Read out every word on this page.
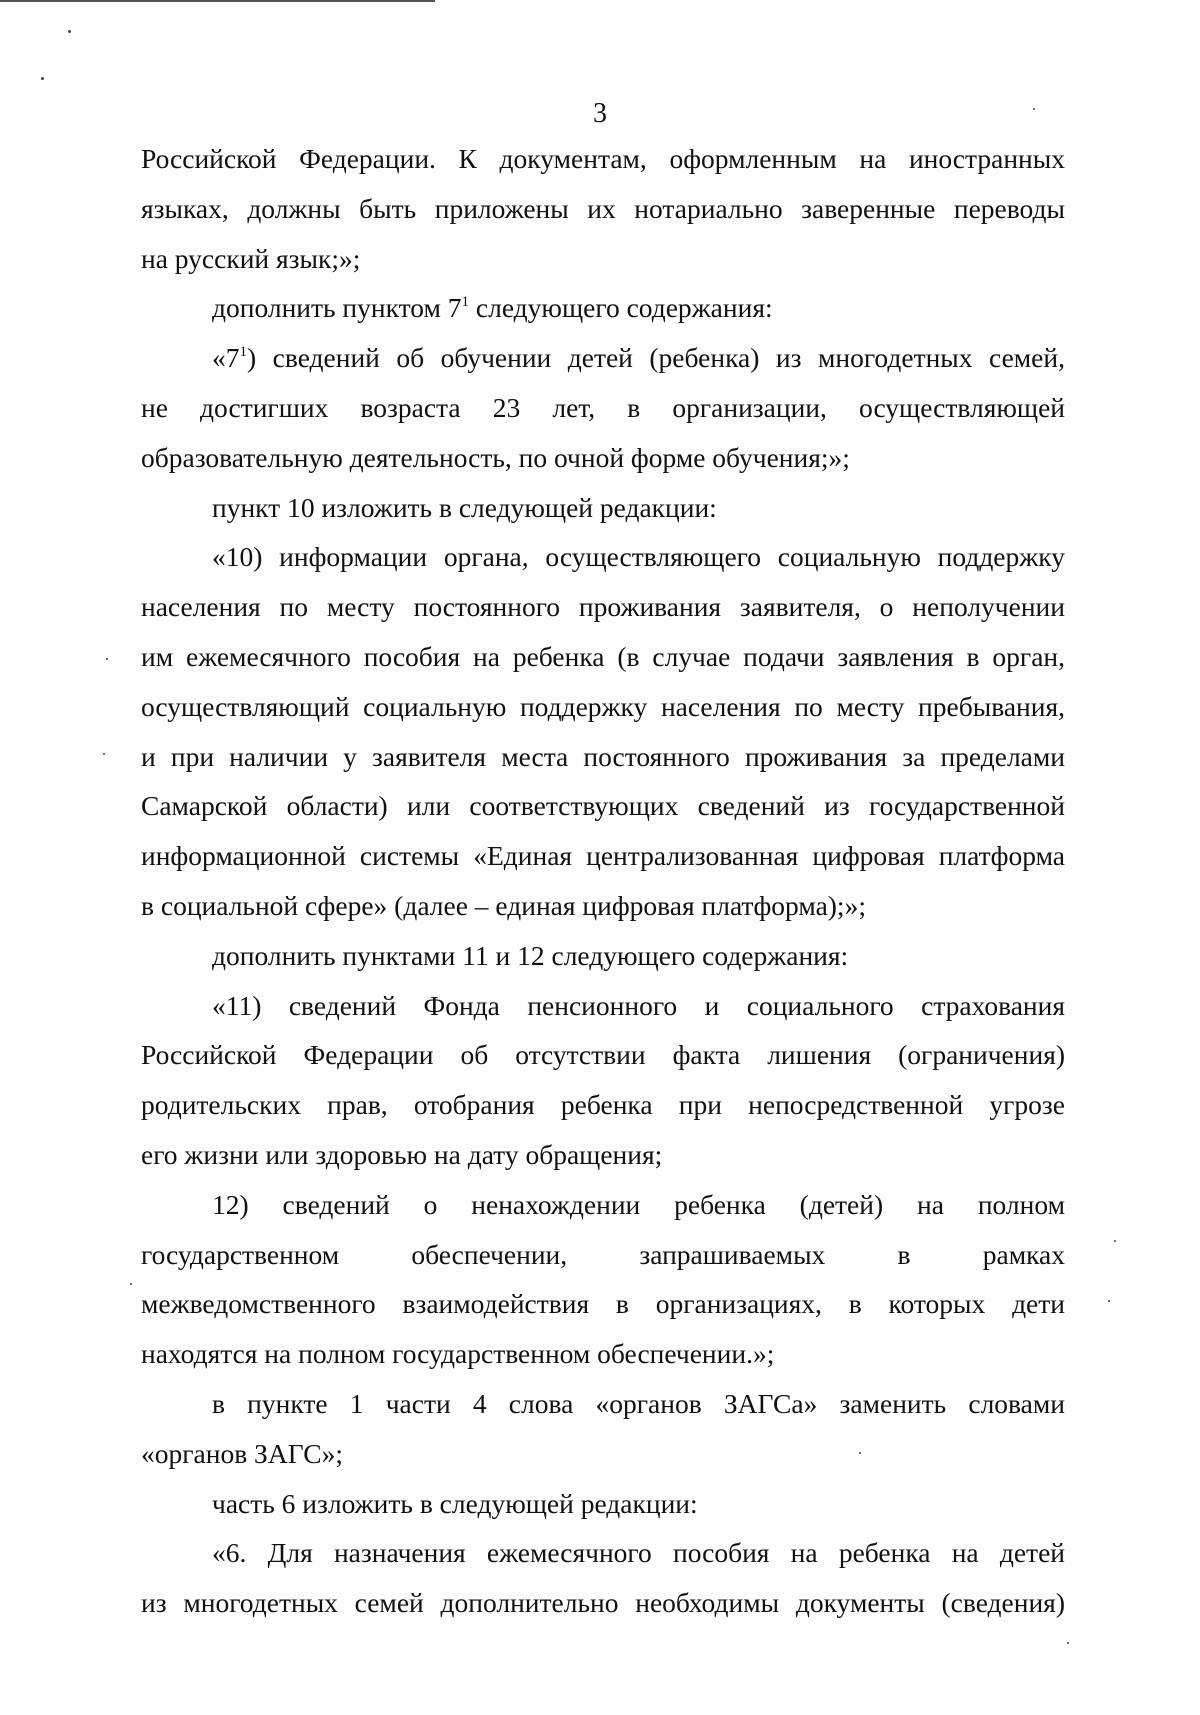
3
Российской Федерации. К документам, оформленным на иностранных
языках, должны быть приложены их нотариально заверенные переводы
на русский язык;»;
дополнить пунктом $7^1$ следующего содержания:
«$7^1$) сведений об обучении детей (ребенка) из многодетных семей,
не достигших возраста 23 лет, в организации, осуществляющей
образовательную деятельность, по очной форме обучения;»;
пункт 10 изложить в следующей редакции:
«10) информации органа, осуществляющего социальную поддержку
населения по месту постоянного проживания заявителя, о неполучении
им ежемесячного пособия на ребенка (в случае подачи заявления в орган,
осуществляющий социальную поддержку населения по месту пребывания,
и при наличии у заявителя места постоянного проживания за пределами
Самарской области) или соответствующих сведений из государственной
информационной системы «Единая централизованная цифровая платформа
в социальной сфере» (далее – единая цифровая платформа);»;
дополнить пунктами 11 и 12 следующего содержания:
«11) сведений Фонда пенсионного и социального страхования
Российской Федерации об отсутствии факта лишения (ограничения)
родительских прав, отобрания ребенка при непосредственной угрозе
его жизни или здоровью на дату обращения;
12) сведений о ненахождении ребенка (детей) на полном
государственном обеспечении, запрашиваемых в рамках
межведомственного взаимодействия в организациях, в которых дети
находятся на полном государственном обеспечении.»;
в пункте 1 части 4 слова «органов ЗАГСа» заменить словами
«органов ЗАГС»;
часть 6 изложить в следующей редакции:
«6. Для назначения ежемесячного пособия на ребенка на детей
из многодетных семей дополнительно необходимы документы (сведения)
